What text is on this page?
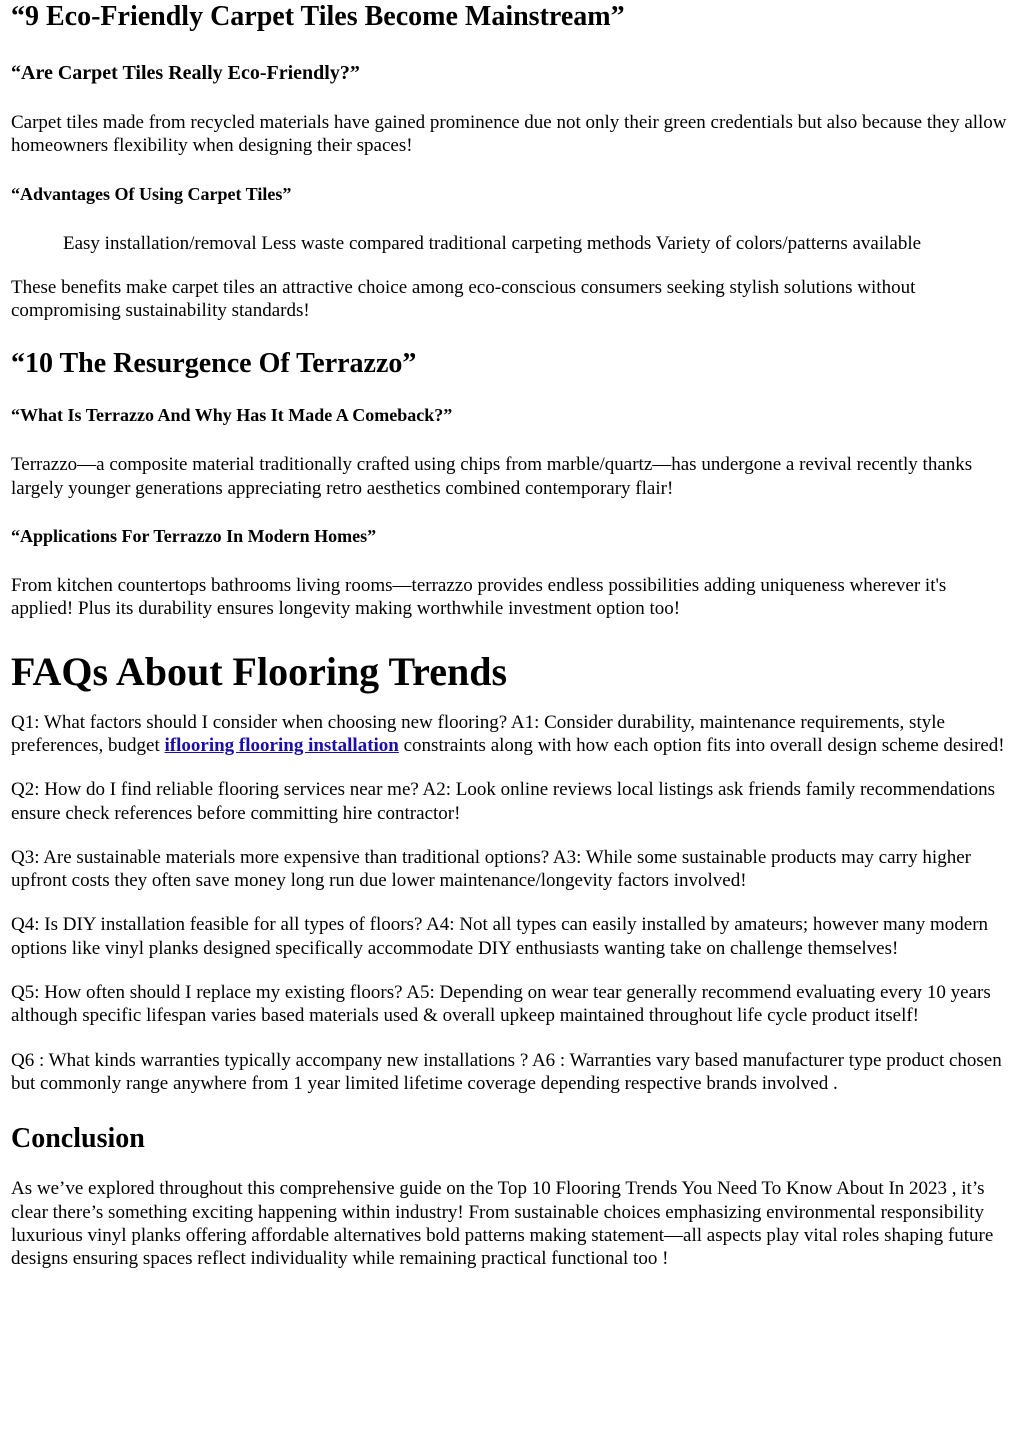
“9 Eco-Friendly Carpet Tiles Become Mainstream”
“Are Carpet Tiles Really Eco-Friendly?”

Carpet tiles made from recycled materials have gained prominence due not only their green credentials but also because they allow homeowners flexibility when designing their spaces!

“Advantages Of Using Carpet Tiles”

Easy installation/removal Less waste compared traditional carpeting methods Variety of colors/patterns available

These benefits make carpet tiles an attractive choice among eco-conscious consumers seeking stylish solutions without compromising sustainability standards!

“10 The Resurgence Of Terrazzo”
“What Is Terrazzo And Why Has It Made A Comeback?”

Terrazzo—a composite material traditionally crafted using chips from marble/quartz—has undergone a revival recently thanks largely younger generations appreciating retro aesthetics combined contemporary flair!

“Applications For Terrazzo In Modern Homes”

From kitchen countertops bathrooms living rooms—terrazzo provides endless possibilities adding uniqueness wherever it's applied! Plus its durability ensures longevity making worthwhile investment option too!

FAQs About Flooring Trends

Q1: What factors should I consider when choosing new flooring? A1: Consider durability, maintenance requirements, style preferences, budget iflooring flooring installation constraints along with how each option fits into overall design scheme desired!

Q2: How do I find reliable flooring services near me? A2: Look online reviews local listings ask friends family recommendations ensure check references before committing hire contractor!

Q3: Are sustainable materials more expensive than traditional options? A3: While some sustainable products may carry higher upfront costs they often save money long run due lower maintenance/longevity factors involved!

Q4: Is DIY installation feasible for all types of floors? A4: Not all types can easily installed by amateurs; however many modern options like vinyl planks designed specifically accommodate DIY enthusiasts wanting take on challenge themselves!

Q5: How often should I replace my existing floors? A5: Depending on wear tear generally recommend evaluating every 10 years although specific lifespan varies based materials used & overall upkeep maintained throughout life cycle product itself!

Q6 : What kinds warranties typically accompany new installations ? A6 : Warranties vary based manufacturer type product chosen but commonly range anywhere from 1 year limited lifetime coverage depending respective brands involved .

Conclusion

As we’ve explored throughout this comprehensive guide on the Top 10 Flooring Trends You Need To Know About In 2023 , it’s clear there’s something exciting happening within industry! From sustainable choices emphasizing environmental responsibility luxurious vinyl planks offering affordable alternatives bold patterns making statement—all aspects play vital roles shaping future designs ensuring spaces reflect individuality while remaining practical functional too !
